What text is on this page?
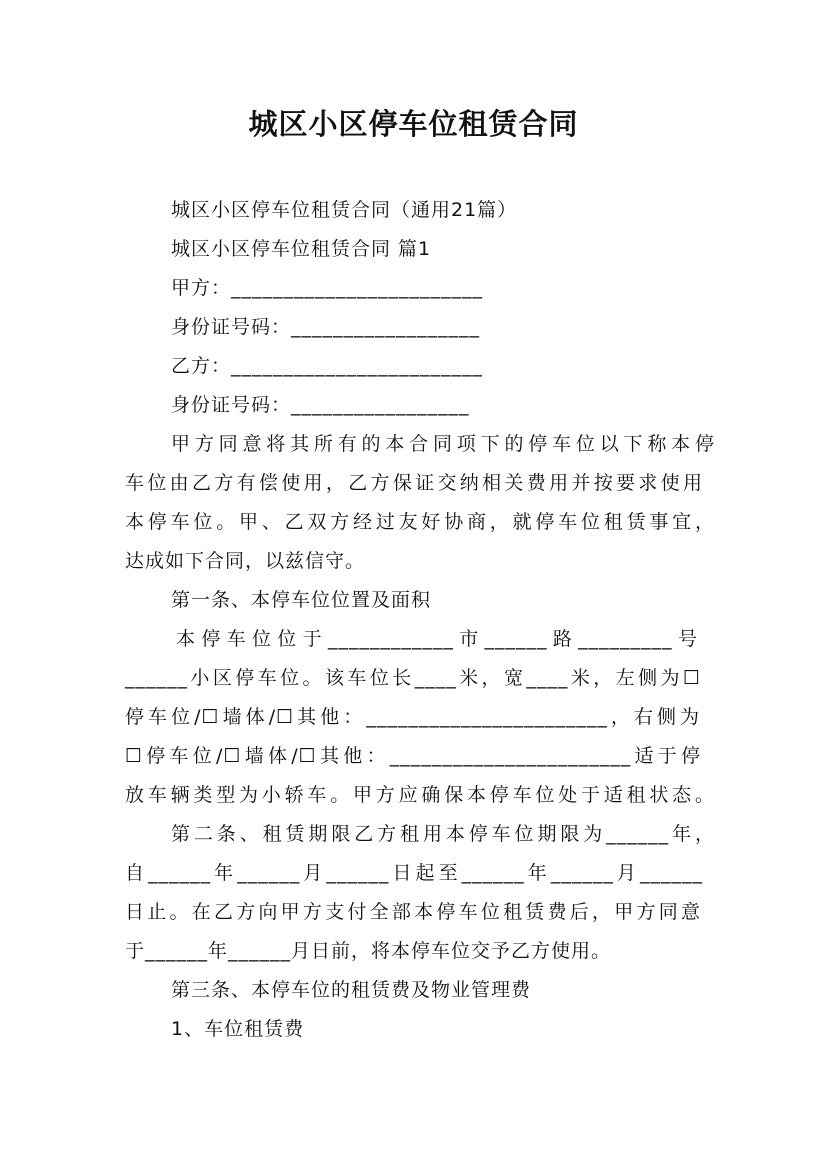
城区小区停车位租赁合同

城区小区停车位租赁合同（通用21篇）

城区小区停车位租赁合同 篇1

甲方：________________________

身份证号码：__________________

乙方：________________________

身份证号码：_________________

甲方同意将其所有的本合同项下的停车位以下称本停

车位由乙方有偿使用，乙方保证交纳相关费用并按要求使用

本停车位。甲、乙双方经过友好协商，就停车位租赁事宜，

达成如下合同，以兹信守。

第一条、本停车位位置及面积

本停车位位于____________市______路_________号

______小区停车位。该车位长____米，宽____米，左侧为☐

停车位/☐墙体/☐其他：_______________________，右侧为

☐停车位/☐墙体/☐其他：_______________________适于停

放车辆类型为小轿车。甲方应确保本停车位处于适租状态。

第二条、租赁期限乙方租用本停车位期限为______年，

自______年______月______日起至______年______月______

日止。在乙方向甲方支付全部本停车位租赁费后，甲方同意

于______年______月日前，将本停车位交予乙方使用。

第三条、本停车位的租赁费及物业管理费

1、车位租赁费
